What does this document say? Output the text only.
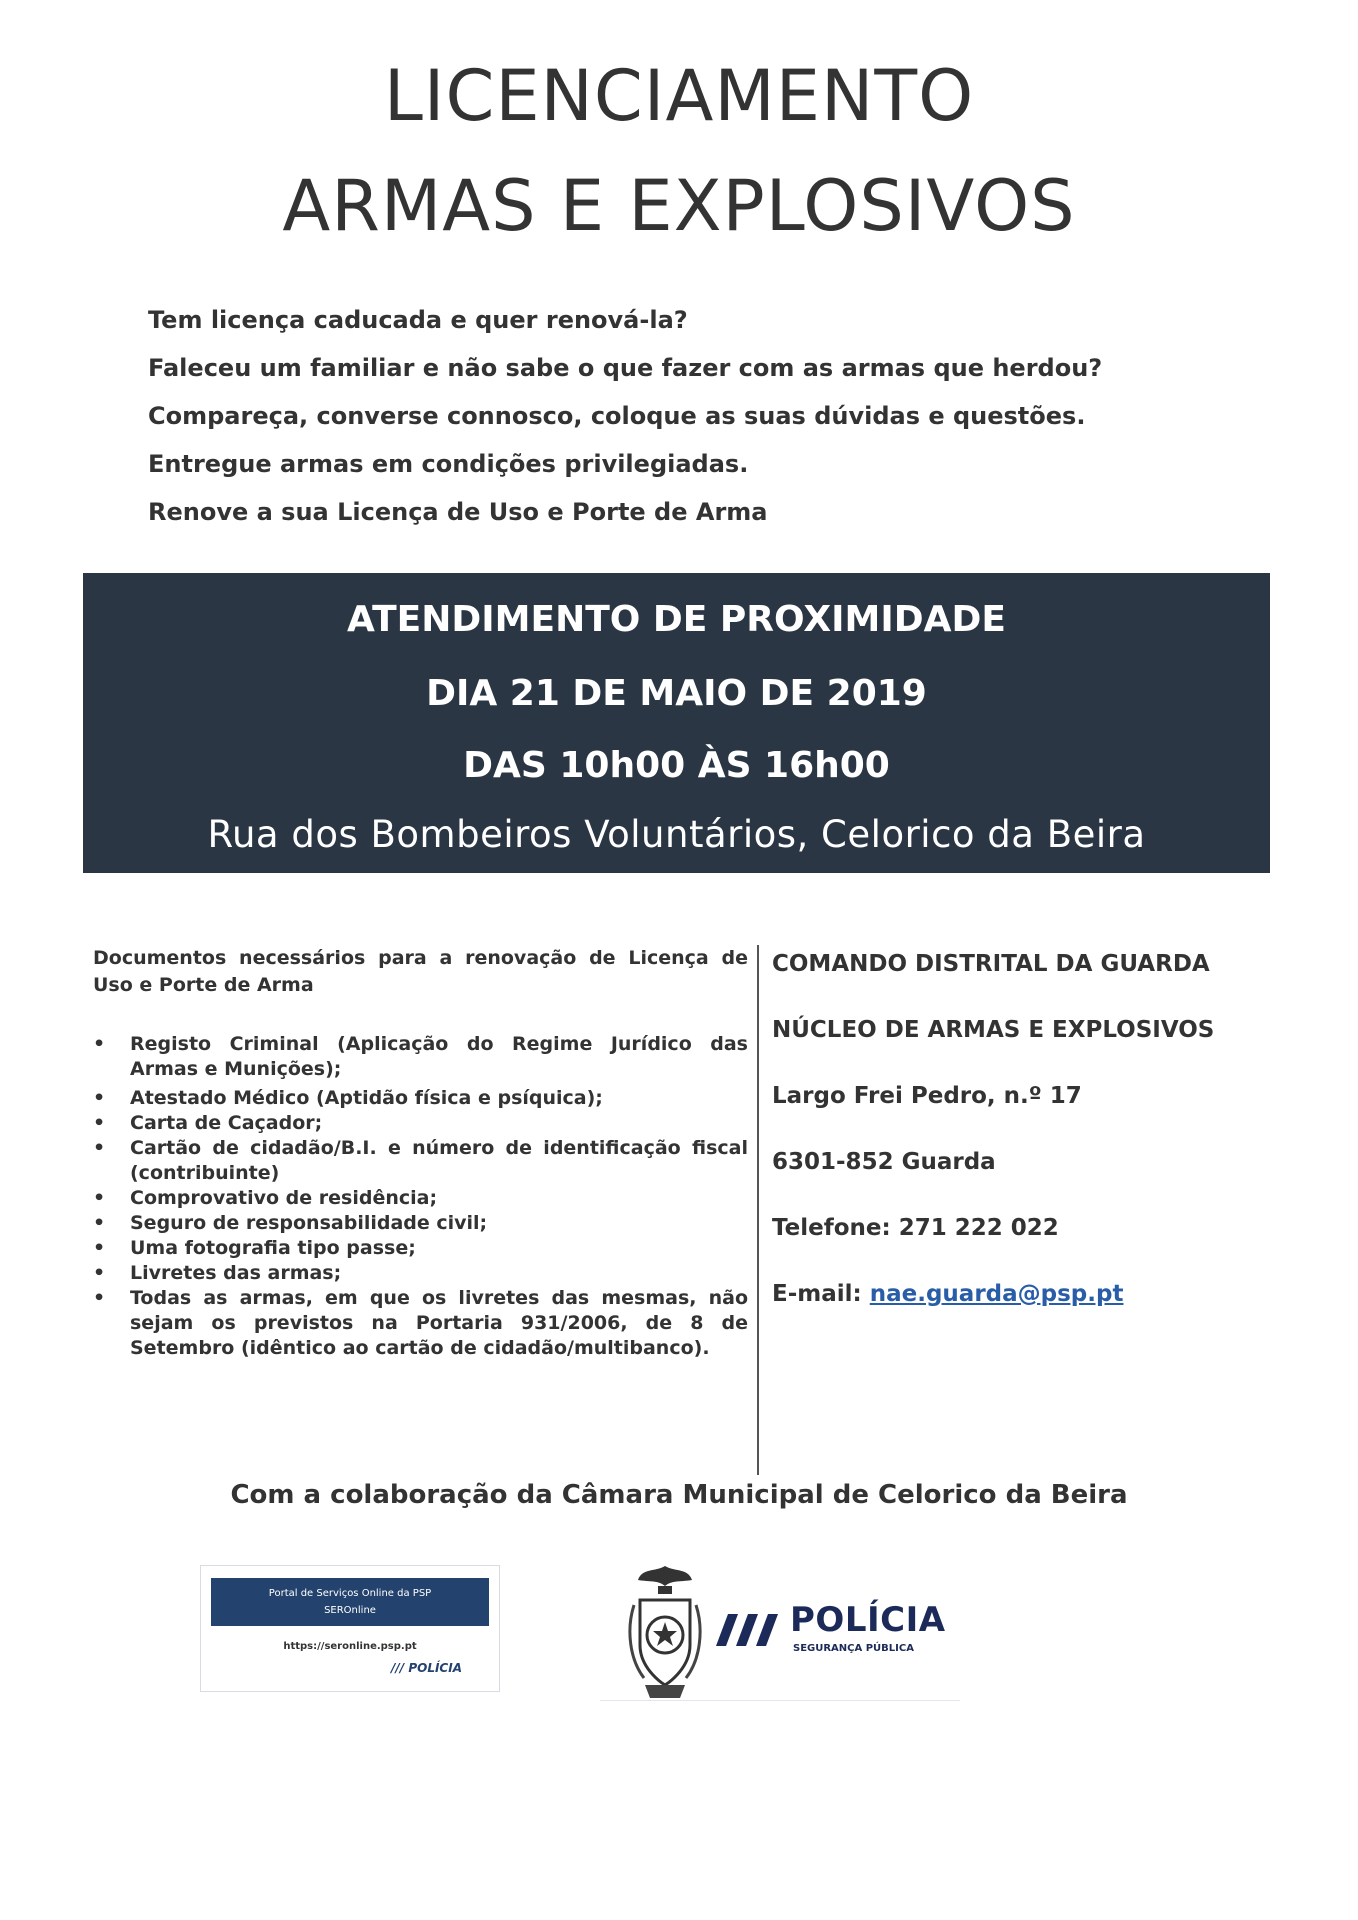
LICENCIAMENTO
ARMAS E EXPLOSIVOS

Tem licença caducada e quer renová-la?

Faleceu um familiar e não sabe o que fazer com as armas que herdou?

Compareça, converse connosco, coloque as suas dúvidas e questões.

Entregue armas em condições privilegiadas.

Renove a sua Licença de Uso e Porte de Arma

ATENDIMENTO DE PROXIMIDADE
DIA 21 DE MAIO DE 2019
DAS 10h00 ÀS 16h00
Rua dos Bombeiros Voluntários, Celorico da Beira
Documentos necessários para a renovação de Licença de Uso e Porte de Arma
• Registo Criminal (Aplicação do Regime Jurídico das Armas e Munições);
• Atestado Médico (Aptidão física e psíquica);
• Carta de Caçador;
• Cartão de cidadão/B.I. e número de identificação fiscal (contribuinte)
• Comprovativo de residência;
• Seguro de responsabilidade civil;
• Uma fotografia tipo passe;
• Livretes das armas;
• Todas as armas, em que os livretes das mesmas, não sejam os previstos na Portaria 931/2006, de 8 de Setembro (idêntico ao cartão de cidadão/multibanco).

COMANDO DISTRITAL DA GUARDA

NÚCLEO DE ARMAS E EXPLOSIVOS

Largo Frei Pedro, n.º 17

6301-852 Guarda

Telefone: 271 222 022

E-mail: nae.guarda@psp.pt

Com a colaboração da Câmara Municipal de Celorico da Beira
Portal de Serviços Online da PSP
SEROnline
https://seronline.psp.pt
/// POLÍCIA
POLÍCIA
SEGURANÇA PÚBLICA
